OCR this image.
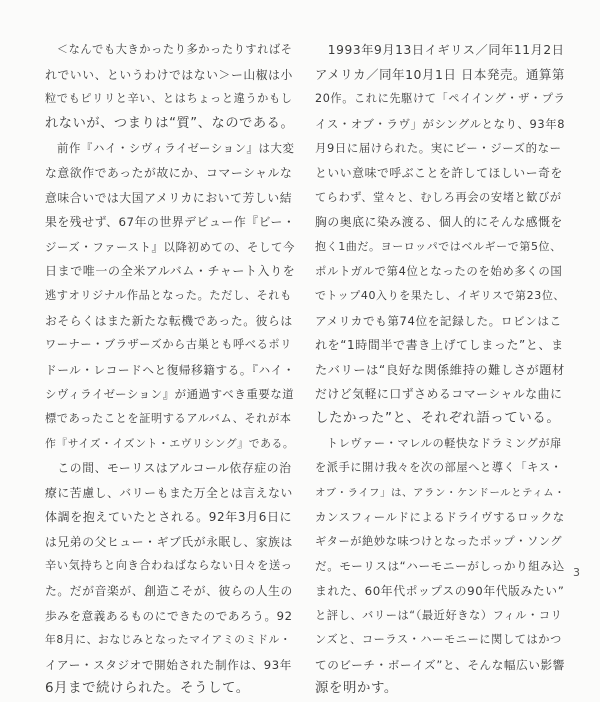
　＜なんでも大きかったり多かったりすればそ
れでいい、というわけではない＞ー山椒は小
粒でもピリリと辛い、とはちょっと違うかもし
れないが、つまりは“質”、なのである。
　前作『ハイ・シヴィライゼーション』は大変
な意欲作であったが故にか、コマーシャルな
意味合いでは大国アメリカにおいて芳しい結
果を残せず、67年の世界デビュー作『ビー・
ジーズ・ファースト』以降初めての、そして今
日まで唯一の全米アルバム・チャート入りを
逃すオリジナル作品となった。ただし、それも
おそらくはまた新たな転機であった。彼らは
ワーナー・ブラザーズから古巣とも呼べるポリ
ドール・レコードへと復帰移籍する。『ハイ・
シヴィライゼーション』が通過すべき重要な道
標であったことを証明するアルバム、それが本
作『サイズ・イズント・エヴリシング』である。
　この間、モーリスはアルコール依存症の治
療に苦慮し、バリーもまた万全とは言えない
体調を抱えていたとされる。92年3月6日に
は兄弟の父ヒュー・ギブ氏が永眠し、家族は
辛い気持ちと向き合わねばならない日々を送っ
た。だが音楽が、創造こそが、彼らの人生の
歩みを意義あるものにできたのであろう。92
年8月に、おなじみとなったマイアミのミドル・
イアー・スタジオで開始された制作は、93年
6月まで続けられた。そうして。
　1993年9月13日イギリス／同年11月2日
アメリカ／同年10月1日 日本発売。通算第
20作。これに先駆けて「ペイイング・ザ・プラ
イス・オブ・ラヴ」がシングルとなり、93年8
月9日に届けられた。実にビー・ジーズ的なー
といい意味で呼ぶことを許してほしいー奇を
てらわず、堂々と、むしろ再会の安堵と歓びが
胸の奥底に染み渡る、個人的にそんな感慨を
抱く1曲だ。ヨーロッパではベルギーで第5位、
ポルトガルで第4位となったのを始め多くの国
でトップ40入りを果たし、イギリスで第23位、
アメリカでも第74位を記録した。ロビンはこ
れを“1時間半で書き上げてしまった”と、ま
たバリーは“良好な関係維持の難しさが題材
だけど気軽に口ずさめるコマーシャルな曲に
したかった”と、それぞれ語っている。
　トレヴァー・マレルの軽快なドラミングが扉
を派手に開け我々を次の部屋へと導く「キス・
オブ・ライフ」は、アラン・ケンドールとティム・
カンスフィールドによるドライヴするロックな
ギターが絶妙な味つけとなったポップ・ソング
だ。モーリスは“ハーモニーがしっかり組み込
まれた、60年代ポップスの90年代版みたい”
と評し、バリーは“（最近好きな）フィル・コリ
ンズと、コーラス・ハーモニーに関してはかつ
てのビーチ・ボーイズ”と、そんな幅広い影響
源を明かす。
3
